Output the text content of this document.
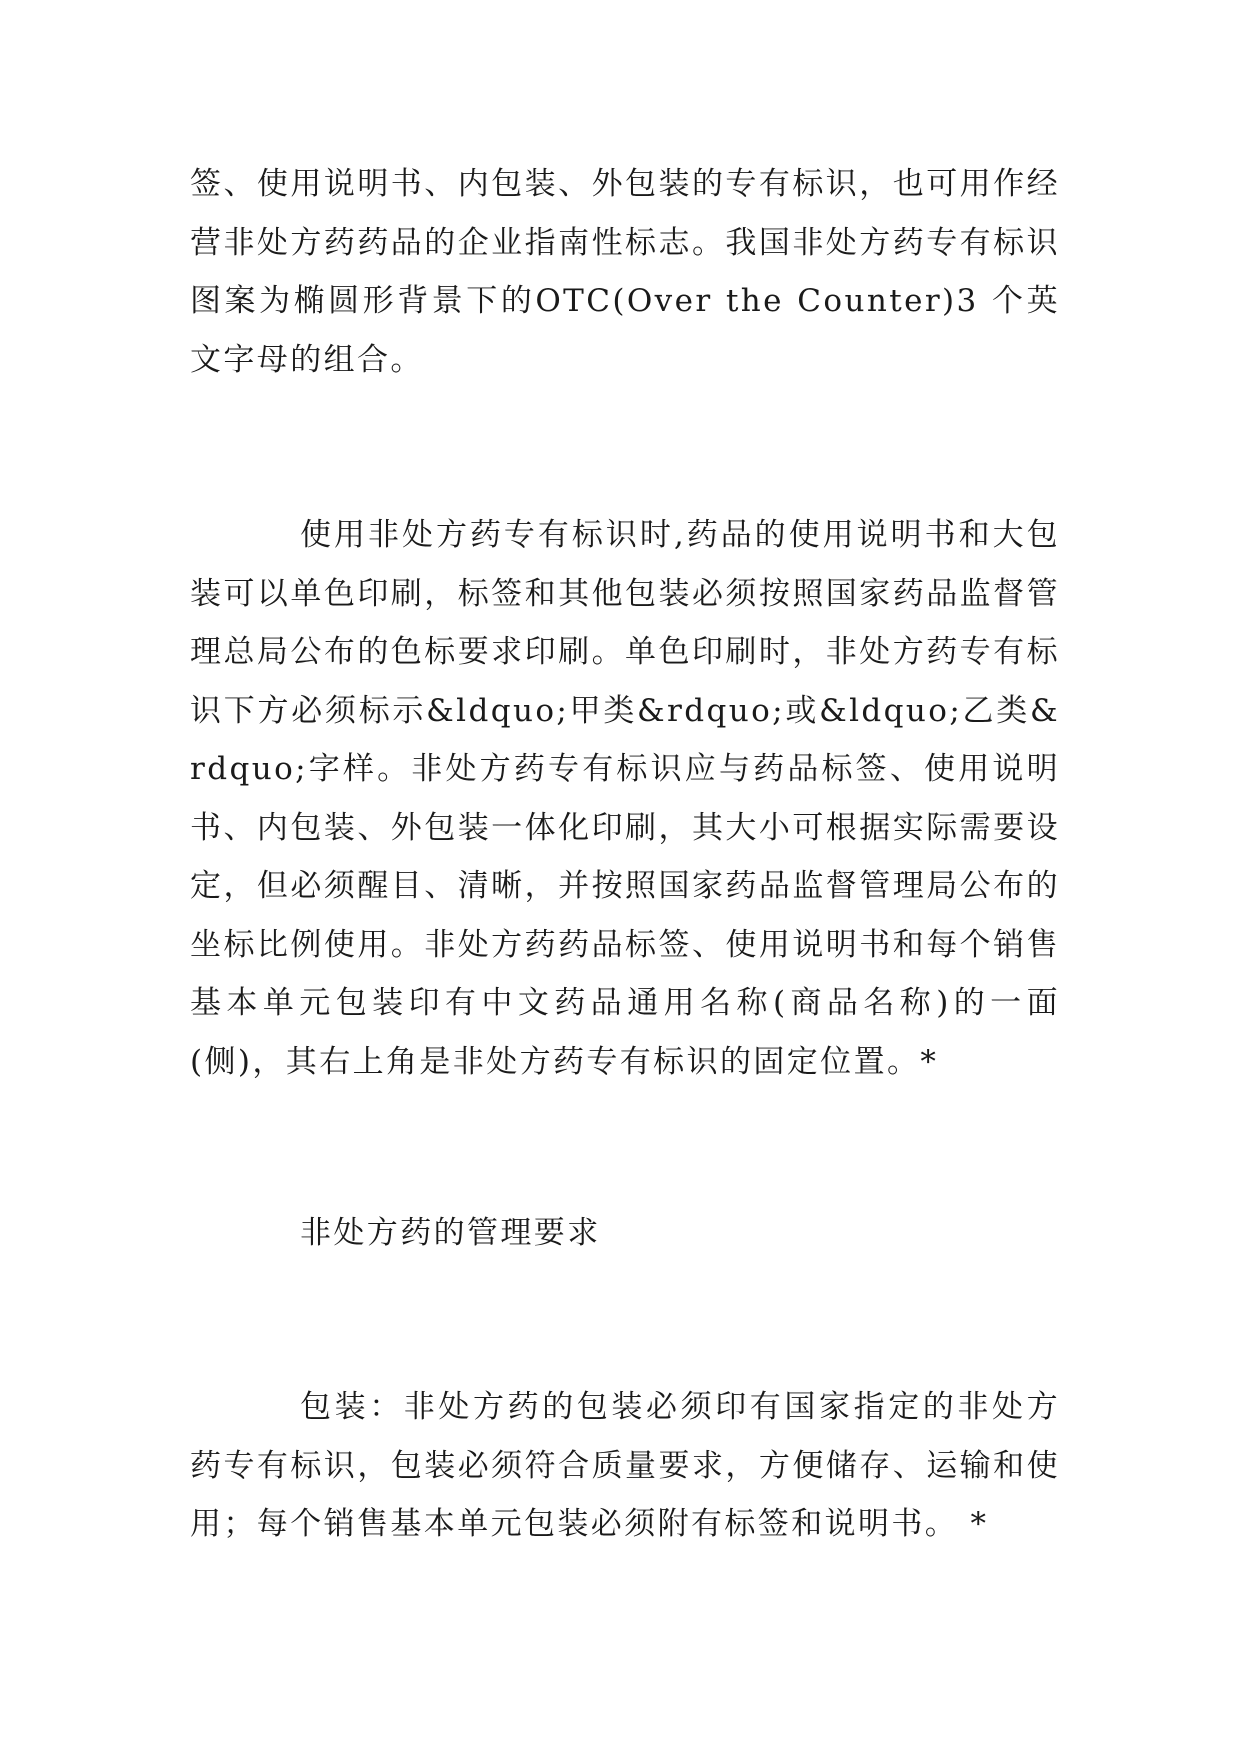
签、使用说明书、内包装、外包装的专有标识，也可用作经营非处方药药品的企业指南性标志。我国非处方药专有标识图案为椭圆形背景下的OTC(Over the Counter)3 个英文字母的组合。

使用非处方药专有标识时,药品的使用说明书和大包装可以单色印刷，标签和其他包装必须按照国家药品监督管理总局公布的色标要求印刷。单色印刷时，非处方药专有标识下方必须标示&ldquo;甲类&rdquo;或&ldquo;乙类&rdquo;字样。非处方药专有标识应与药品标签、使用说明书、内包装、外包装一体化印刷，其大小可根据实际需要设定，但必须醒目、清晰，并按照国家药品监督管理局公布的坐标比例使用。非处方药药品标签、使用说明书和每个销售基本单元包装印有中文药品通用名称(商品名称)的一面(侧)，其右上角是非处方药专有标识的固定位置。*

非处方药的管理要求

包装：非处方药的包装必须印有国家指定的非处方药专有标识，包装必须符合质量要求，方便储存、运输和使用；每个销售基本单元包装必须附有标签和说明书。 *
